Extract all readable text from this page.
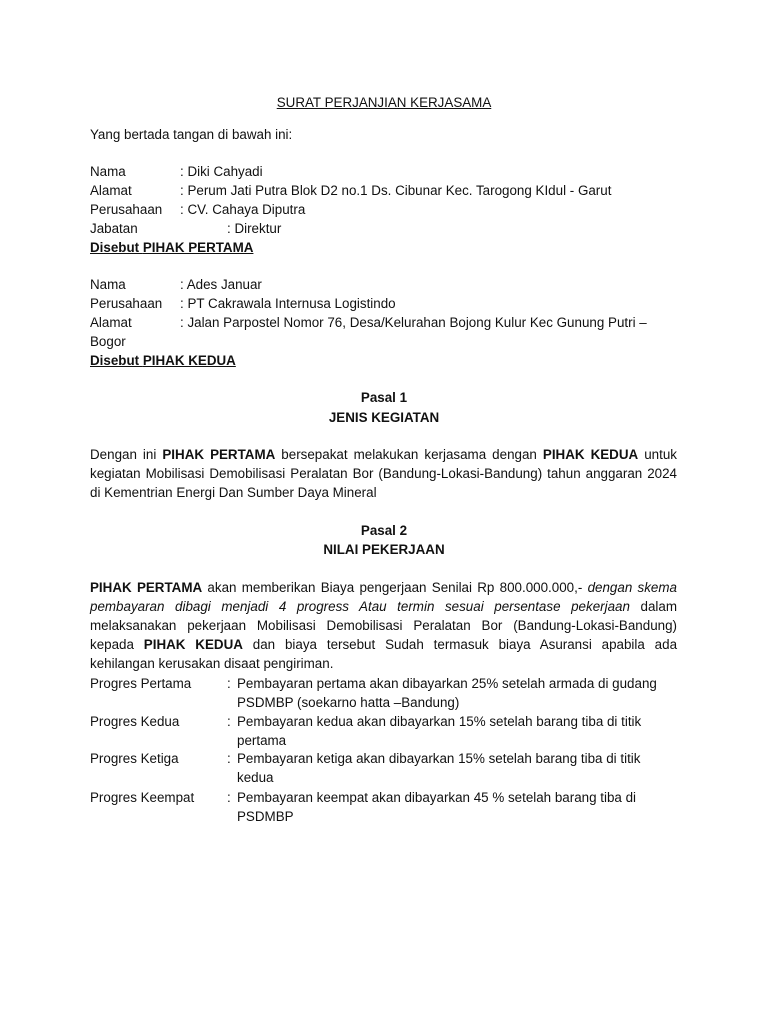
SURAT PERJANJIAN KERJASAMA
Yang bertada tangan di bawah ini:
Nama	: Diki Cahyadi
Alamat	: Perum Jati Putra Blok D2 no.1 Ds. Cibunar Kec. Tarogong KIdul - Garut
Perusahaan : CV. Cahaya Diputra
Jabatan	: Direktur
Disebut PIHAK PERTAMA
Nama	: Ades Januar
Perusahaan : PT Cakrawala Internusa Logistindo
Alamat	: Jalan Parpostel Nomor 76, Desa/Kelurahan Bojong Kulur Kec Gunung Putri –
Bogor
Disebut PIHAK KEDUA
Pasal 1
JENIS KEGIATAN
Dengan ini PIHAK PERTAMA bersepakat melakukan kerjasama dengan PIHAK KEDUA untuk
kegiatan Mobilisasi Demobilisasi Peralatan Bor (Bandung-Lokasi-Bandung) tahun anggaran 2024
di Kementrian Energi Dan Sumber Daya Mineral
Pasal 2
NILAI PEKERJAAN
PIHAK PERTAMA akan memberikan Biaya pengerjaan Senilai Rp 800.000.000,- dengan skema
pembayaran dibagi menjadi 4 progress Atau termin sesuai persentase pekerjaan dalam
melaksanakan pekerjaan Mobilisasi Demobilisasi Peralatan Bor (Bandung-Lokasi-Bandung)
kepada PIHAK KEDUA dan biaya tersebut Sudah termasuk biaya Asuransi apabila ada
kehilangan kerusakan disaat pengiriman.
Progres Pertama	: Pembayaran pertama akan dibayarkan 25% setelah armada di gudang
PSDMBP (soekarno hatta –Bandung)
Progres Kedua	: Pembayaran kedua akan dibayarkan 15% setelah barang tiba di titik
pertama
Progres Ketiga	: Pembayaran ketiga akan dibayarkan 15% setelah barang tiba di titik
kedua
Progres Keempat : Pembayaran keempat akan dibayarkan 45 % setelah barang tiba di
PSDMBP
